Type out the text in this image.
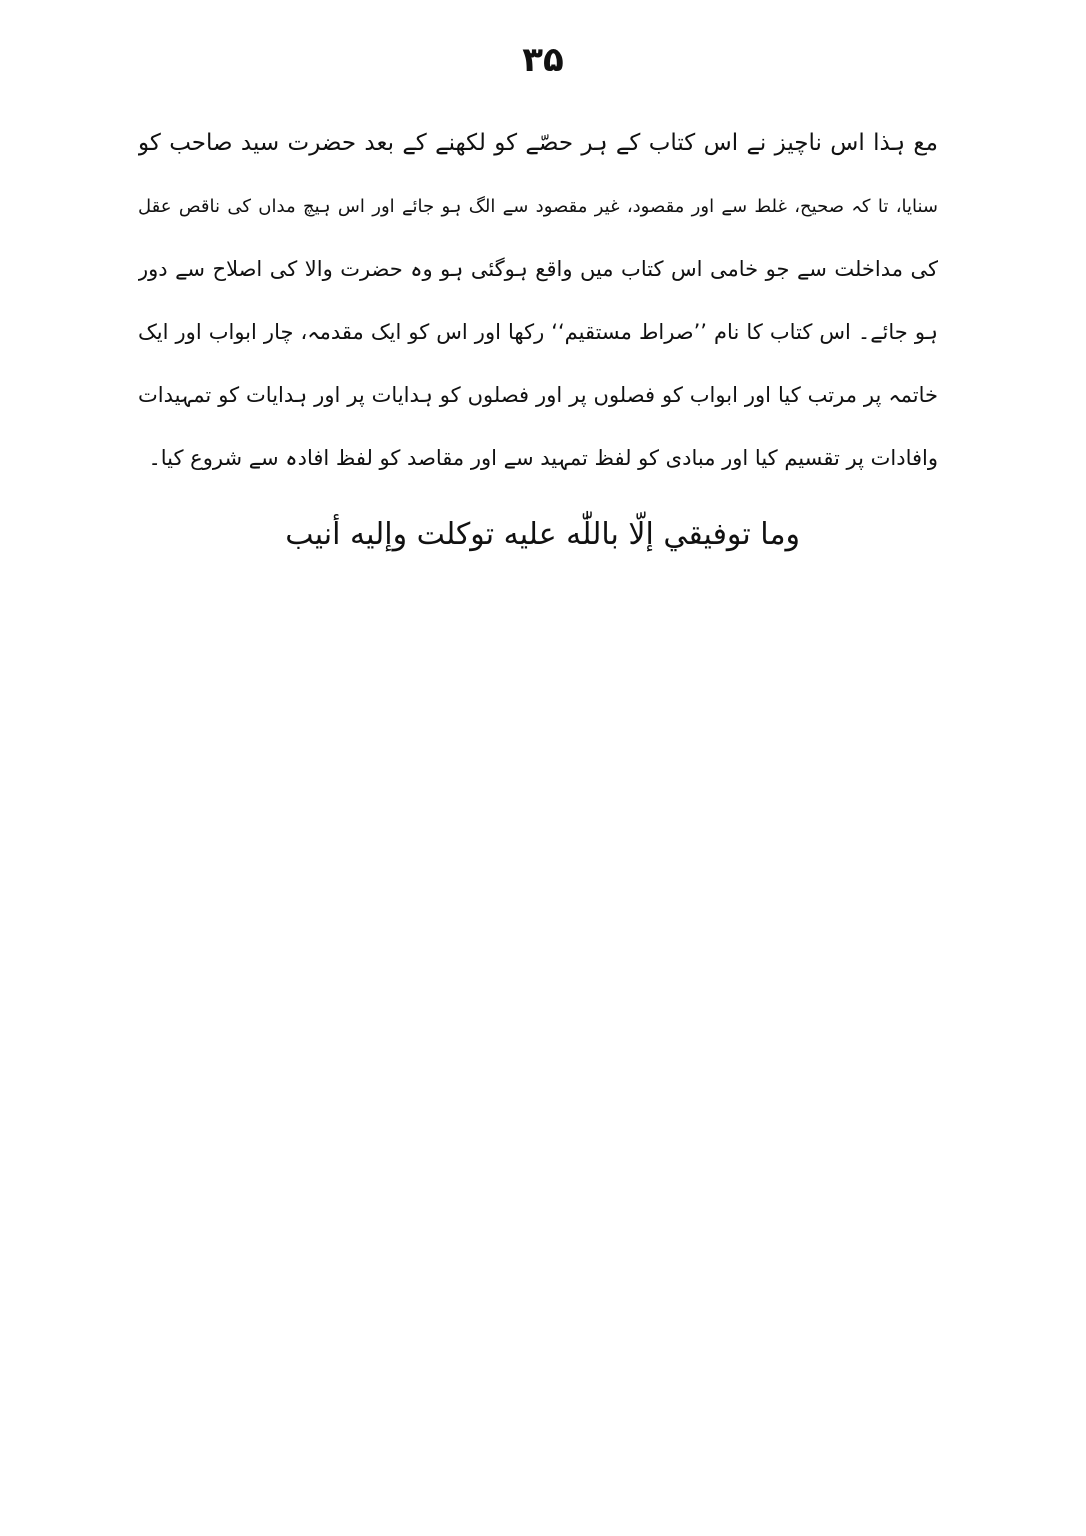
۳۵
مع ہذا اس ناچیز نے اس کتاب کے ہر حصّے کو لکھنے کے بعد حضرت سید صاحب کو
سنایا، تا کہ صحیح، غلط سے اور مقصود، غیر مقصود سے الگ ہو جائے اور اس ہیچ مداں کی ناقص عقل
کی مداخلت سے جو خامی اس کتاب میں واقع ہوگئی ہو وہ حضرت والا کی اصلاح سے دور
ہو جائے۔ اس کتاب کا نام ’’صراط مستقیم‘‘ رکھا اور اس کو ایک مقدمہ، چار ابواب اور ایک
خاتمہ پر مرتب کیا اور ابواب کو فصلوں پر اور فصلوں کو ہدایات پر اور ہدایات کو تمہیدات
وافادات پر تقسیم کیا اور مبادی کو لفظ تمہید سے اور مقاصد کو لفظ افادہ سے شروع کیا۔
وما توفيقي إلّا باللّٰه عليه توكلت وإليه أنيب
